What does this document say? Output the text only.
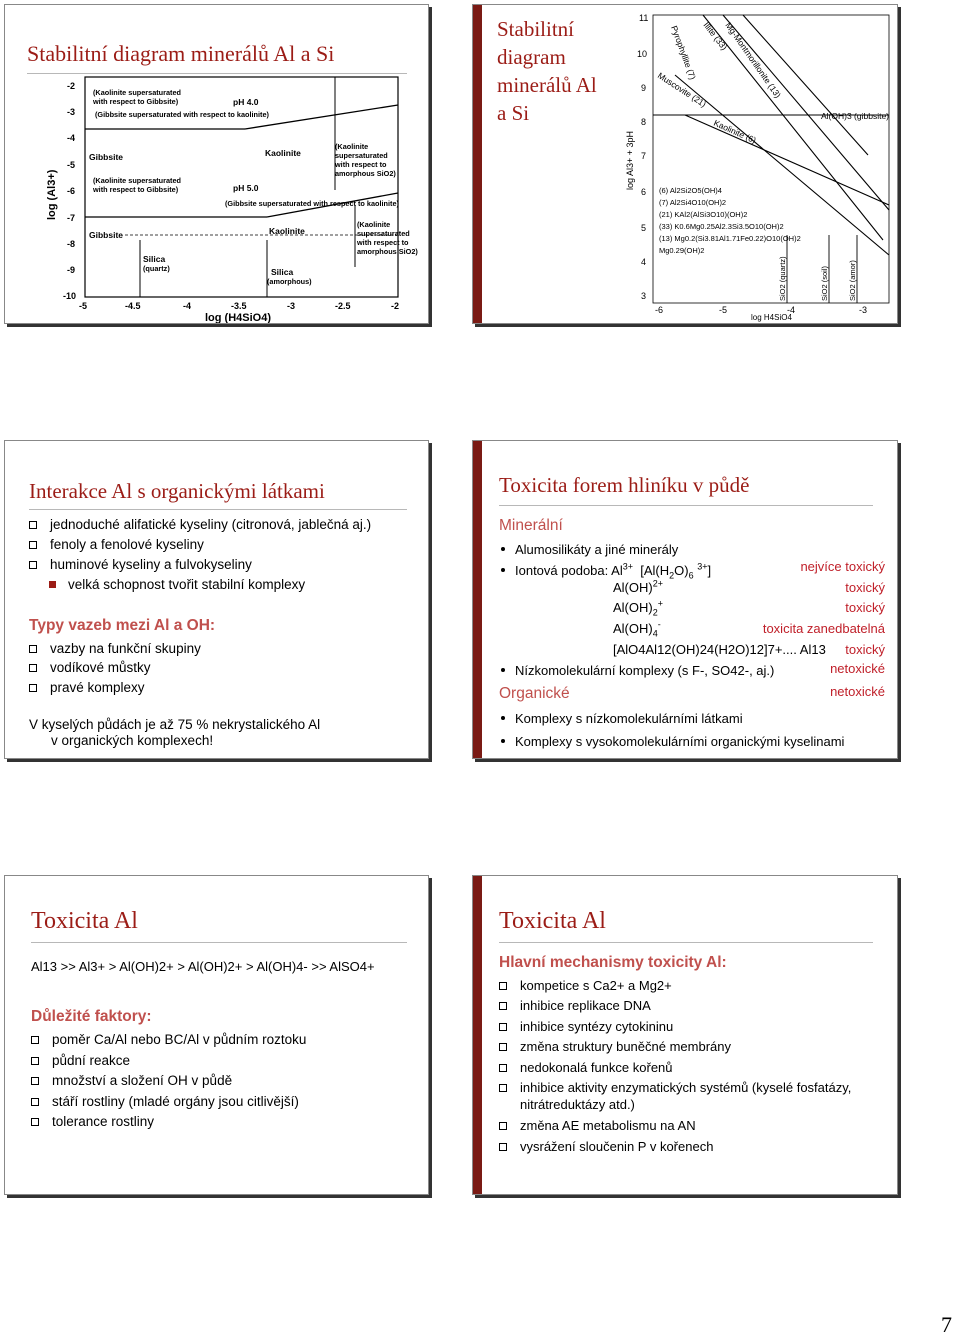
Stabilitní diagram minerálů Al a Si
-2
-3
-4
-5
-6
-7
-8
-9
-10
log (Al3+)
-5	-4.5	-4	-3.5	-3	-2.5	-2
log (H4SiO4)
(Kaolinite supersaturated
with respect to Gibbsite)	pH 4.0
(Gibbsite supersaturated with respect to kaolinite)
Gibbsite	Kaolinite
(Kaolinite
supersaturated
with respect to
amorphous SiO2)
(Kaolinite supersaturated
with respect to Gibbsite)	pH 5.0
(Gibbsite supersaturated with respect to kaolinite)
Gibbsite	Kaolinite
(Kaolinite
supersaturated
with respect to
amorphous SiO2)
Silica
(quartz)	Silica
(amorphous)
Stabilitní diagram minerálů Al a Si
11
10
9
8
7
6
5
4
3
log Al3+ + 3pH
-6	-5	-4	-3
log H4SiO4
Illite (33)
Pyrophyllite (7)	Mg-Montmorillonite (13)
Muscovite (21)
Kaolinite (6)
Al(OH)3 (gibbsite)
(6) Al2Si2O5(OH)4
(7) Al2Si4O10(OH)2
(21) KAl2(AlSi3O10)(OH)2
(33) K0.6Mg0.25Al2.3Si3.5O10(OH)2
(13) Mg0.2(Si3.81Al1.71Fe0.22)O10(OH)2
Mg0.29(OH)2
SiO2 (quartz)	SiO2 (soil)	SiO2 (amor)
Interakce Al s organickými látkami
jednoduché alifatické kyseliny (citronová, jablečná aj.)
fenoly a fenolové kyseliny
huminové kyseliny a fulvokyseliny
velká schopnost tvořit stabilní komplexy
Typy vazeb mezi Al a OH:
vazby na funkční skupiny
vodíkové můstky
pravé komplexy
V kyselých půdách je až 75 % nekrystalického Al
v organických komplexech!
Toxicita forem hliníku v půdě
Minerální
Alumosilikáty a jiné minerály
Iontová podoba: $Al^{3+}$ [$Al(H_2O)_6$ $^{3+}$]	nejvíce toxický
Al(OH)$^{2+}$	toxický
$Al(OH)_2^+$	toxický
$Al(OH)_4^-$	toxicita zanedbatelná
[AlO4Al12(OH)24(H2O)12]7+.... Al13 toxický
Nízkomolekulární komplexy (s F-, SO42-, aj.)	netoxické
Organické	netoxické
Komplexy s nízkomolekulárními látkami
Komplexy s vysokomolekulárními organickými kyselinami
Toxicita Al
Al13 >> Al3+ > Al(OH)2+ > Al(OH)2+ > Al(OH)4- >> AlSO4+
Důležité faktory:
poměr Ca/Al nebo BC/Al v půdním roztoku
půdní reakce
množství a složení OH v půdě
stáří rostliny (mladé orgány jsou citlivější)
tolerance rostliny
Toxicita Al
Hlavní mechanismy toxicity Al:
kompetice s Ca2+ a Mg2+
inhibice replikace DNA
inhibice syntézy cytokininu
změna struktury buněčné membrány
nedokonalá funkce kořenů
inhibice aktivity enzymatických systémů (kyselé fosfatázy,
nitrátreduktázy atd.)
změna AE metabolismu na AN
vysrážení sloučenin P v kořenech
7
